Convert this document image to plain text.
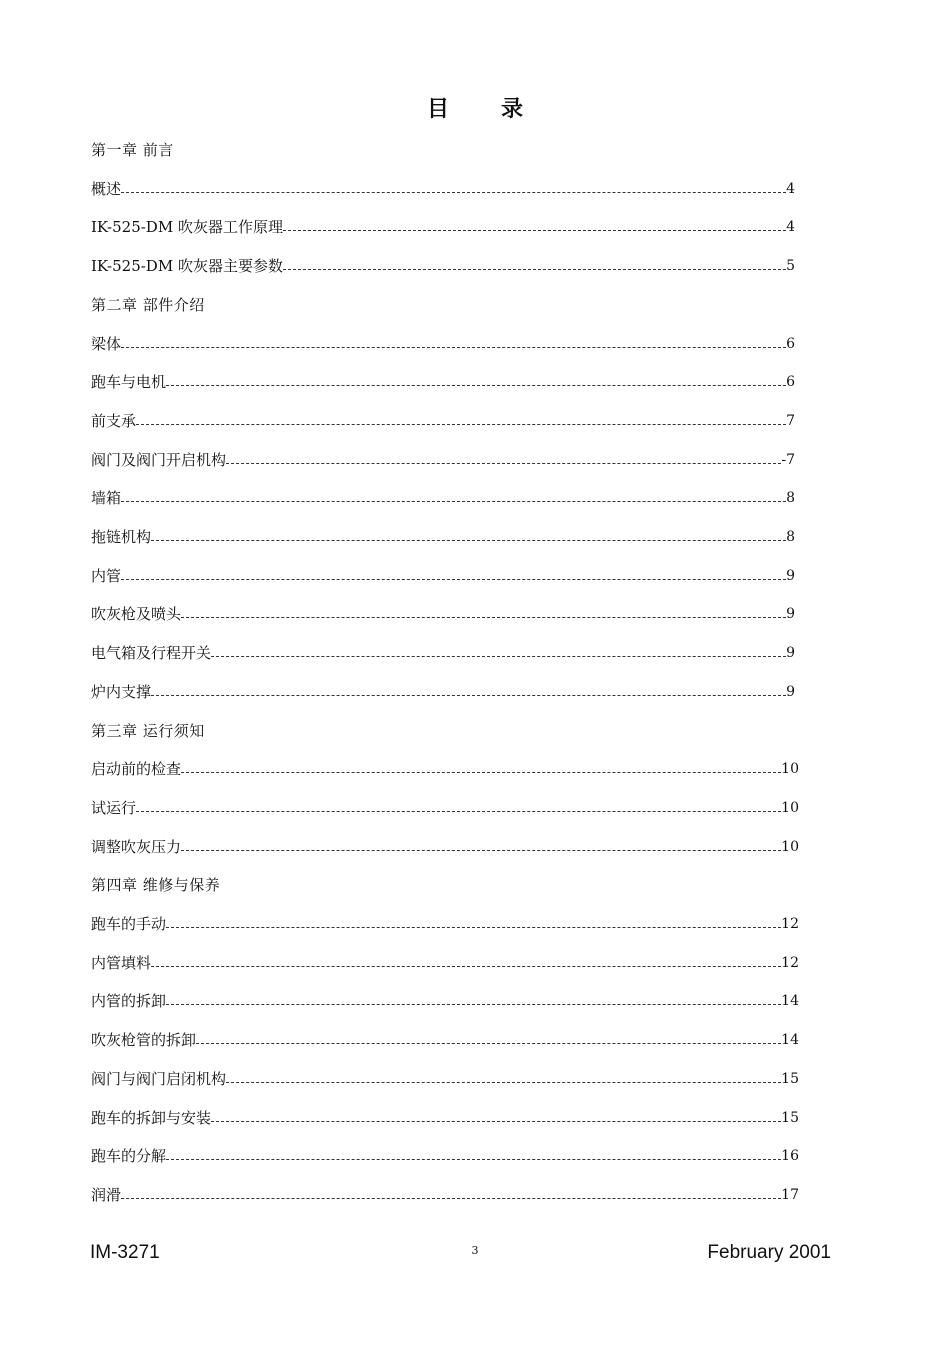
目 录
第一章 前言
概述	4
IK-525-DM 吹灰器工作原理	4
IK-525-DM 吹灰器主要参数	5
第二章 部件介绍
梁体	6
跑车与电机	6
前支承	7
阀门及阀门开启机构	-7
墙箱	8
拖链机构	8
内管	9
吹灰枪及喷头	9
电气箱及行程开关	9
炉内支撑	9
第三章 运行须知
启动前的检查	10
试运行	10
调整吹灰压力	10
第四章 维修与保养
跑车的手动	12
内管填料	12
内管的拆卸	14
吹灰枪管的拆卸	14
阀门与阀门启闭机构	15
跑车的拆卸与安装	15
跑车的分解	16
润滑	17
IM-3271	3	February 2001
